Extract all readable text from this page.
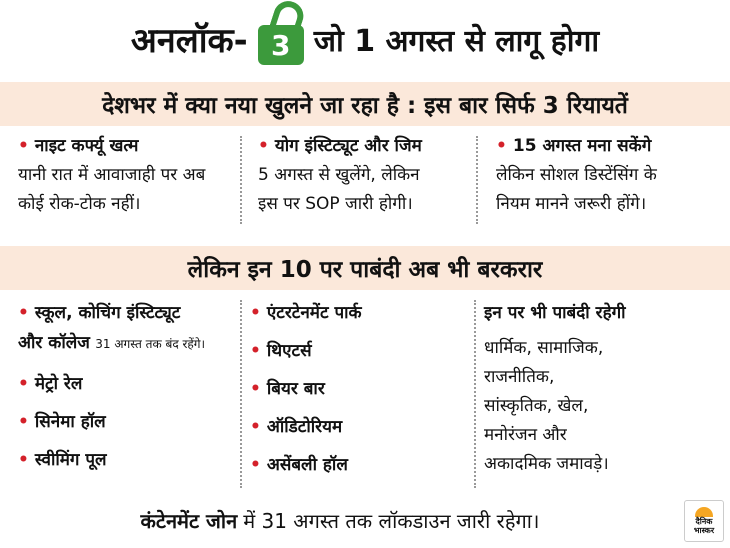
अनलॉक- 3 जो 1 अगस्त से लागू होगा
देशभर में क्या नया खुलने जा रहा है : इस बार सिर्फ 3 रियायतें
• नाइट कर्फ्यू खत्म
यानी रात में आवाजाही पर अब
कोई रोक-टोक नहीं।
• योग इंस्टिट्यूट और जिम
5 अगस्त से खुलेंगे, लेकिन
इस पर SOP जारी होगी।
• 15 अगस्त मना सकेंगे
लेकिन सोशल डिस्टेंसिंग के
नियम मानने जरूरी होंगे।
लेकिन इन 10 पर पाबंदी अब भी बरकरार
• स्कूल, कोचिंग इंस्टिट्यूट
और कॉलेज 31 अगस्त तक बंद रहेंगे।
• मेट्रो रेल
• सिनेमा हॉल
• स्वीमिंग पूल
• एंटरटेनमेंट पार्क
• थिएटर्स
• बियर बार
• ऑडिटोरियम
• असेंबली हॉल
इन पर भी पाबंदी रहेगी
धार्मिक, सामाजिक,
राजनीतिक,
सांस्कृतिक, खेल,
मनोरंजन और
अकादमिक जमावड़े।
कंटेनमेंट जोन में 31 अगस्त तक लॉकडाउन जारी रहेगा।	दैनिक
भास्कर
